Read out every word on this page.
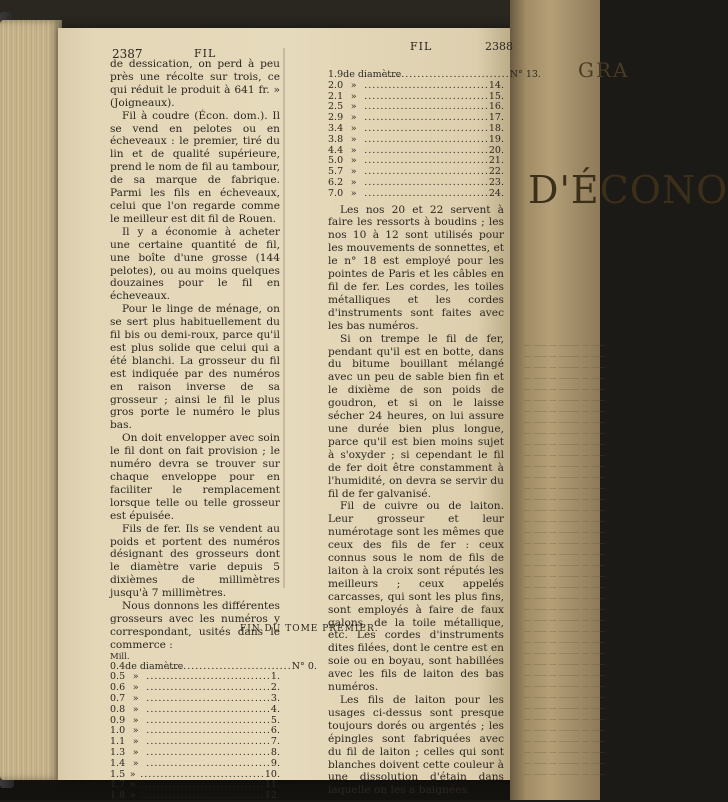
GRA
D'ÉCONO
— —— — ——— — ——
— —— — ——— — ——
— —— — ——— — ——
— —— — ——— — ——
— —— — ——— — ——
— —— — ——— — ——
— —— — ——— — ——
— —— — ——— — ——
— —— — ——— — ——
— —— — ——— — ——
— —— — ——— — ——
— —— — ——— — ——
— —— — ——— — ——
— —— — ——— — ——
— —— — ——— — ——
— —— — ——— — ——
— —— — ——— — ——
— —— — ——— — ——
— —— — ——— — ——
— —— — ——— — ——
— —— — ——— — ——
— —— — ——— — ——
— —— — ——— — ——
— —— — ——— — ——
— —— — ——— — ——
— —— — ——— — ——
— —— — ——— — ——
— —— — ——— — ——
— —— — ——— — ——
— —— — ——— — ——
— —— — ——— — ——
— —— — ——— — ——
— —— — ——— — ——
— —— — ——— — ——
— —— — ——— — ——
— —— — ——— — ——
— —— — ——— — ——
— —— — ——— — ——
— —— — ——— — ——
— —— — ——— — ——
2387	FIL
FIL	2388

de dessication, on perd à peu près une récolte sur trois, ce qui réduit le produit à 641 fr. » (Joigneaux).

Fil à coudre (Écon. dom.). Il se vend en pelotes ou en écheveaux : le premier, tiré du lin et de qualité supérieure, prend le nom de fil au tambour, de sa marque de fabrique. Parmi les fils en écheveaux, celui que l'on regarde comme le meilleur est dit fil de Rouen.

Il y a économie à acheter une certaine quantité de fil, une boîte d'une grosse (144 pelotes), ou au moins quelques douzaines pour le fil en écheveaux.

Pour le linge de ménage, on se sert plus habituellement du fil bis ou demi-roux, parce qu'il est plus solide que celui qui a été blanchi. La grosseur du fil est indiquée par des numéros en raison inverse de sa grosseur ; ainsi le fil le plus gros porte le numéro le plus bas.

On doit envelopper avec soin le fil dont on fait provision ; le numéro devra se trouver sur chaque enveloppe pour en faciliter le remplacement lorsque telle ou telle grosseur est épuisée.

Fils de fer. Ils se vendent au poids et portent des numéros désignant des grosseurs dont le diamètre varie depuis 5 dixièmes de millimètres jusqu'à 7 millimètres.

Nous donnons les différentes grosseurs avec les numéros y correspondant, usités dans le commerce :

Mill.
0.4 de diamètre
............................... N° 0.
0.5 » ............................... 1.
0.6 » ............................... 2.
0.7 » ............................... 3.
0.8 » ............................... 4.
0.9 » ............................... 5.
1.0 » ............................... 6.
1.1 » ............................... 7.
1.3 » ............................... 8.
1.4 » ............................... 9.
1.5 » ............................... 10.
1.7 » ............................... 11.
1.8 » ............................... 12.
1.9 de diamètre
............................... N° 13.
2.0 » ............................... 14.
2.1 » ............................... 15.
2.5 » ............................... 16.
2.9 » ............................... 17.
3.4 » ............................... 18.
3.8 » ............................... 19.
4.4 » ............................... 20.
5.0 » ............................... 21.
5.7 » ............................... 22.
6.2 » ............................... 23.
7.0 » ............................... 24.

Les nos 20 et 22 servent à faire les ressorts à boudins ; les nos 10 à 12 sont utilisés pour les mouvements de sonnettes, et le n° 18 est employé pour les pointes de Paris et les câbles en fil de fer. Les cordes, les toiles métalliques et les cordes d'instruments sont faites avec les bas numéros.

Si on trempe le fil de fer, pendant qu'il est en botte, dans du bitume bouillant mélangé avec un peu de sable bien fin et le dixième de son poids de goudron, et si on le laisse sécher 24 heures, on lui assure une durée bien plus longue, parce qu'il est bien moins sujet à s'oxyder ; si cependant le fil de fer doit être constamment à l'humidité, on devra se servir du fil de fer galvanisé.

Fil de cuivre ou de laiton. Leur grosseur et leur numérotage sont les mêmes que ceux des fils de fer : ceux connus sous le nom de fils de laiton à la croix sont réputés les meilleurs ; ceux appelés carcasses, qui sont les plus fins, sont employés à faire de faux galons, de la toile métallique, etc. Les cordes d'instruments dites filées, dont le centre est en soie ou en boyau, sont habillées avec les fils de laiton des bas numéros.

Les fils de laiton pour les usages ci-dessus sont presque toujours dorés ou argentés ; les épingles sont fabriquées avec du fil de laiton ; celles qui sont blanches doivent cette couleur à une dissolution d'étain dans laquelle on les a baignées.

FIN DU TOME PREMIER.
